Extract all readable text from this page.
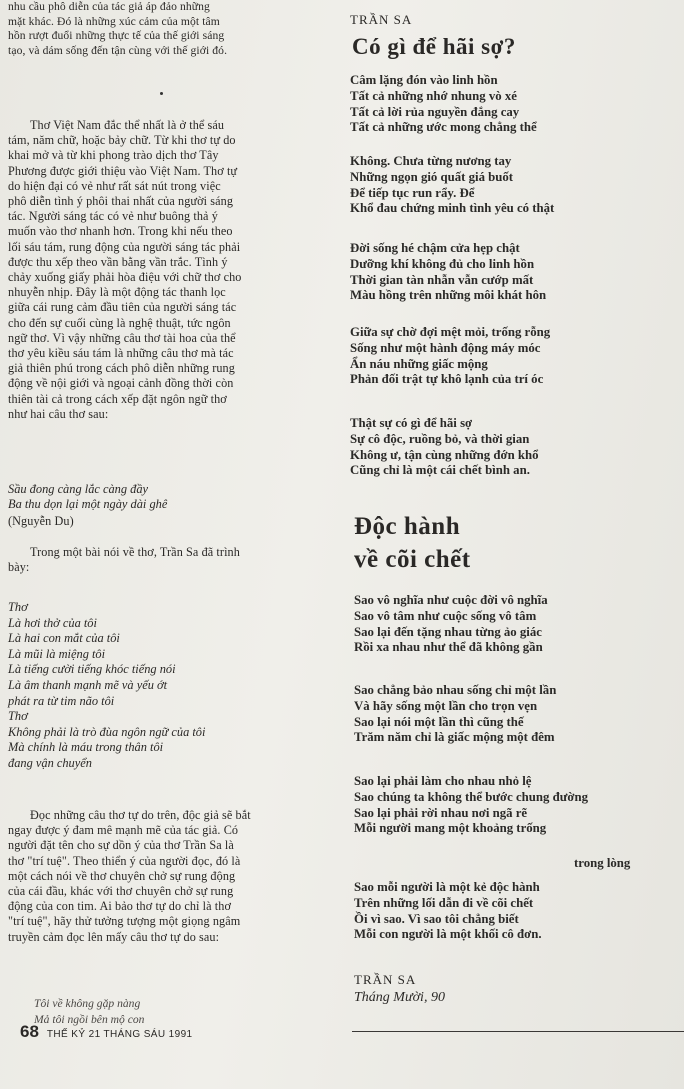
nhu cầu phô diễn của tác giả áp đảo những
mặt khác. Đó là những xúc cảm của một tâm
hồn rượt đuổi những thực tế của thế giới sáng
tạo, và dám sống đến tận cùng với thế giới đó.

Thơ Việt Nam đắc thể nhất là ở thể sáu
tám, năm chữ, hoặc bảy chữ. Từ khi thơ tự do
khai mở và từ khi phong trào dịch thơ Tây
Phương được giới thiệu vào Việt Nam. Thơ tự
do hiện đại có vẻ như rất sát nút trong việc
phô diễn tình ý phôi thai nhất của người sáng
tác. Người sáng tác có vẻ như buông thả ý
muốn vào thơ nhanh hơn. Trong khi nếu theo
lối sáu tám, rung động của người sáng tác phải
được thu xếp theo vần bằng vần trắc. Tình ý
chảy xuống giấy phải hòa điệu với chữ thơ cho
nhuyễn nhịp. Đây là một động tác thanh lọc
giữa cái rung cảm đầu tiên của người sáng tác
cho đến sự cuối cùng là nghệ thuật, tức ngôn
ngữ thơ. Vì vậy những câu thơ tài hoa của thể
thơ yêu kiều sáu tám là những câu thơ mà tác
giả thiên phú trong cách phô diễn những rung
động về nội giới và ngoại cảnh đồng thời còn
thiên tài cả trong cách xếp đặt ngôn ngữ thơ
như hai câu thơ sau:

Sầu đong càng lắc càng đầy
Ba thu dọn lại một ngày dài ghê

(Nguyễn Du)

Trong một bài nói về thơ, Trần Sa đã trình
bày:

Thơ
Là hơi thở của tôi
Là hai con mắt của tôi
Là mũi là miệng tôi
Là tiếng cười tiếng khóc tiếng nói
Là âm thanh mạnh mẽ và yếu ớt
phát ra từ tim não tôi
Thơ
Không phải là trò đùa ngôn ngữ của tôi
Mà chính là máu trong thân tôi
đang vận chuyển

Đọc những câu thơ tự do trên, độc giả sẽ bắt
ngay được ý đam mê mạnh mẽ của tác giả. Có
người đặt tên cho sự dồn ý của thơ Trần Sa là
thơ "trí tuệ". Theo thiển ý của người đọc, đó là
một cách nói về thơ chuyên chở sự rung động
của cái đầu, khác với thơ chuyên chở sự rung
động của con tim. Ai bảo thơ tự do chỉ là thơ
"trí tuệ", hãy thử tưởng tượng một giọng ngâm
truyền cảm đọc lên mấy câu thơ tự do sau:

Tôi về không gặp nàng
Mả tôi ngồi bên mộ con

TRẦN SA
Có gì để hãi sợ?

Câm lặng đón vào linh hồn
Tất cả những nhớ nhung vò xé
Tất cả lời rủa nguyền đắng cay
Tất cả những ước mong chẳng thể

Không. Chưa từng nương tay
Những ngọn gió quất giá buốt
Để tiếp tục run rẩy. Để
Khổ đau chứng minh tình yêu có thật

Đời sống hé chậm cửa hẹp chật
Dưỡng khí không đủ cho linh hồn
Thời gian tàn nhẫn vẫn cướp mất
Màu hồng trên những môi khát hôn

Giữa sự chờ đợi mệt mỏi, trống rỗng
Sống như một hành động máy móc
Ẩn náu những giấc mộng
Phản đối trật tự khô lạnh của trí óc

Thật sự có gì để hãi sợ
Sự cô độc, ruồng bỏ, và thời gian
Không ư, tận cùng những đớn khổ
Cũng chỉ là một cái chết bình an.

Độc hành
về cõi chết

Sao vô nghĩa như cuộc đời vô nghĩa
Sao vô tâm như cuộc sống vô tâm
Sao lại đến tặng nhau từng ảo giác
Rồi xa nhau như thể đã không gần

Sao chẳng bảo nhau sống chỉ một lần
Và hãy sống một lần cho trọn vẹn
Sao lại nói một lần thì cũng thế
Trăm năm chỉ là giấc mộng một đêm

Sao lại phải làm cho nhau nhỏ lệ
Sao chúng ta không thể bước chung đường
Sao lại phải rời nhau nơi ngã rẽ
Mỗi người mang một khoảng trống

trong lòng

Sao mỗi người là một kẻ độc hành
Trên những lối dẫn đi về cõi chết
Ồi vì sao. Vì sao tôi chẳng biết
Mỗi con người là một khối cô đơn.

TRẦN SA
Tháng Mười, 90
68 THẾ KỶ 21 THÁNG SÁU 1991
